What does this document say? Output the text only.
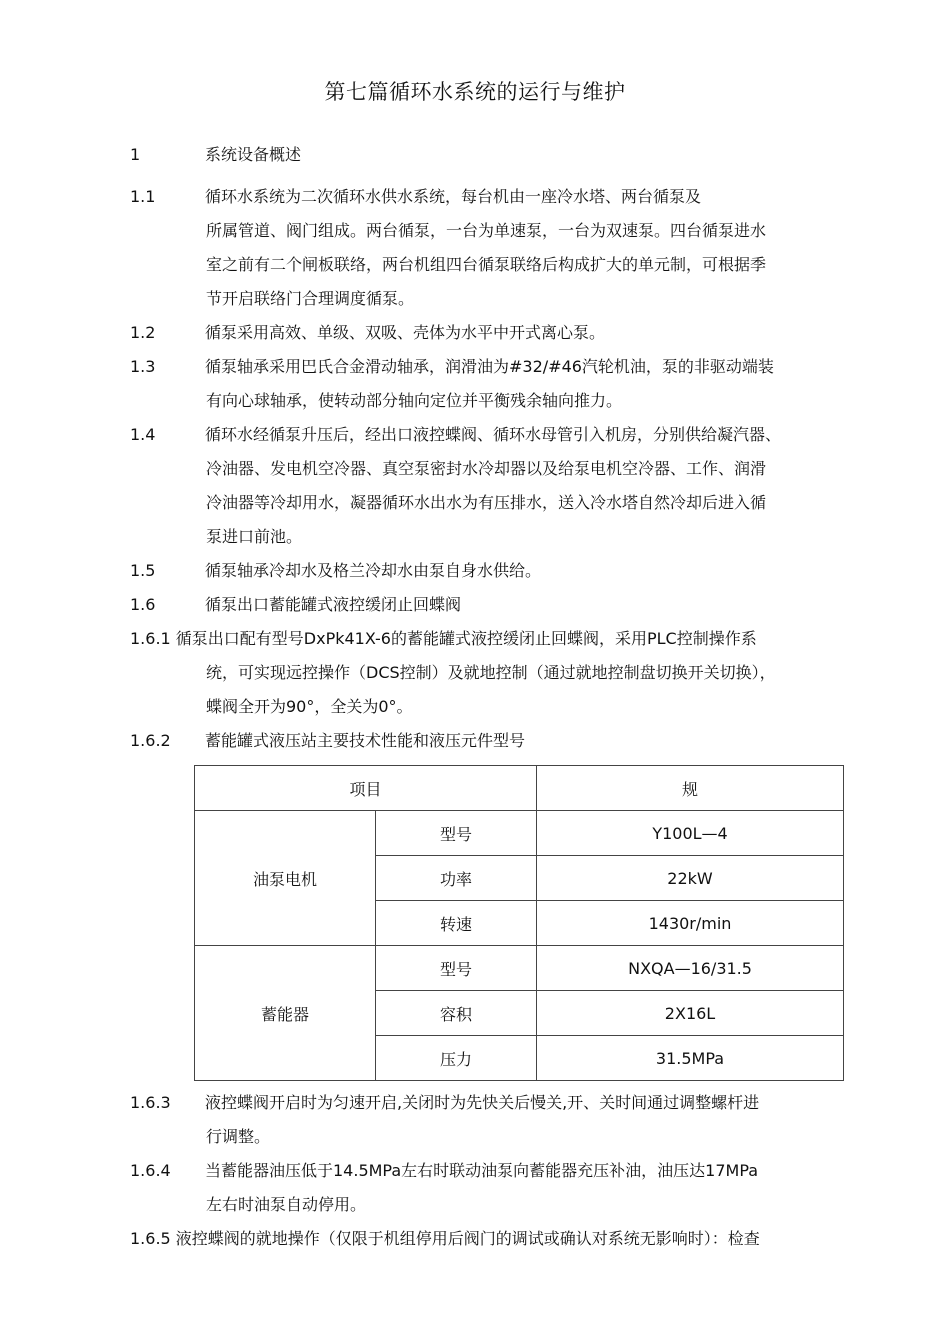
第七篇循环水系统的运行与维护
1	系统设备概述
1.1	循环水系统为二次循环水供水系统，每台机由一座冷水塔、两台循泵及
所属管道、阀门组成。两台循泵，一台为单速泵，一台为双速泵。四台循泵进水
室之前有二个闸板联络，两台机组四台循泵联络后构成扩大的单元制，可根据季
节开启联络门合理调度循泵。
1.2	循泵采用高效、单级、双吸、壳体为水平中开式离心泵。
1.3	循泵轴承采用巴氏合金滑动轴承，润滑油为#32/#46汽轮机油，泵的非驱动端装
有向心球轴承，使转动部分轴向定位并平衡残余轴向推力。
1.4	循环水经循泵升压后，经出口液控蝶阀、循环水母管引入机房，分别供给凝汽器、
冷油器、发电机空冷器、真空泵密封水冷却器以及给泵电机空冷器、工作、润滑
冷油器等冷却用水，凝器循环水出水为有压排水，送入冷水塔自然冷却后进入循
泵进口前池。
1.5	循泵轴承冷却水及格兰冷却水由泵自身水供给。
1.6	循泵出口蓄能罐式液控缓闭止回蝶阀
1.6.1 循泵出口配有型号DxPk41X-6的蓄能罐式液控缓闭止回蝶阀，采用PLC控制操作系
统，可实现远控操作（DCS控制）及就地控制（通过就地控制盘切换开关切换），
蝶阀全开为90°，全关为0°。
1.6.2 蓄能罐式液压站主要技术性能和液压元件型号
项目		规
油泵电机	型号	Y100L—4
	功率	22kW
	转速	1430r/min
蓄能器	型号	NXQA—16/31.5
	容积	2X16L
	压力	31.5MPa
1.6.3 液控蝶阀开启时为匀速开启,关闭时为先快关后慢关,开、关时间通过调整螺杆进
行调整。
1.6.4 当蓄能器油压低于14.5MPa左右时联动油泵向蓄能器充压补油，油压达17MPa
左右时油泵自动停用。
1.6.5 液控蝶阀的就地操作（仅限于机组停用后阀门的调试或确认对系统无影响时）：检查
